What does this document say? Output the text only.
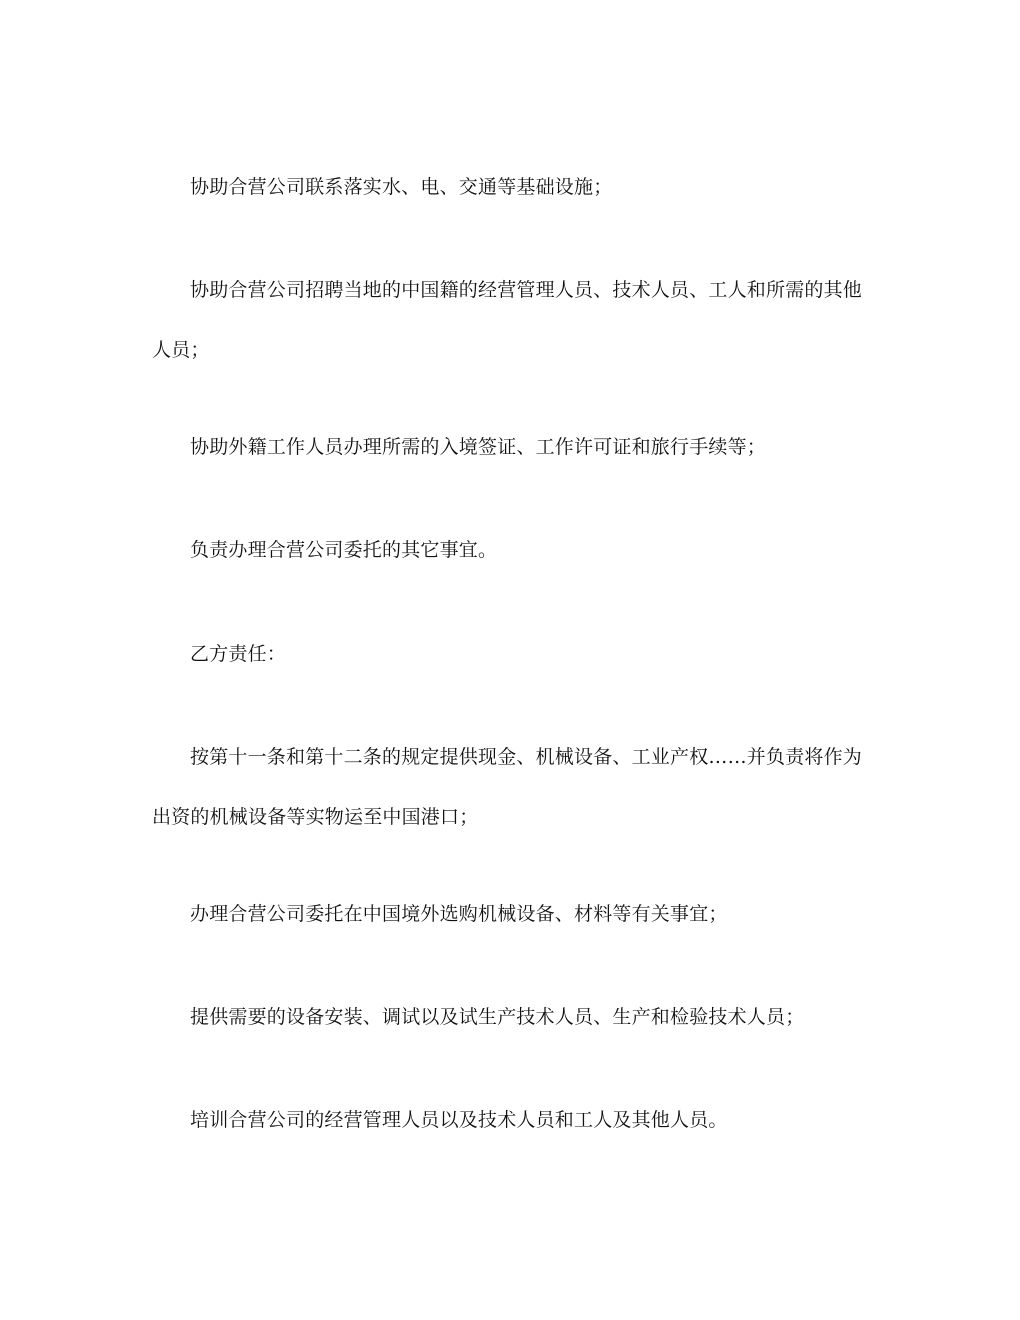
协助合营公司联系落实水、电、交通等基础设施；

协助合营公司招聘当地的中国籍的经营管理人员、技术人员、工人和所需的其他人员；

协助外籍工作人员办理所需的入境签证、工作许可证和旅行手续等；

负责办理合营公司委托的其它事宜。

乙方责任：

按第十一条和第十二条的规定提供现金、机械设备、工业产权……并负责将作为出资的机械设备等实物运至中国港口；

办理合营公司委托在中国境外选购机械设备、材料等有关事宜；

提供需要的设备安装、调试以及试生产技术人员、生产和检验技术人员；

培训合营公司的经营管理人员以及技术人员和工人及其他人员。
